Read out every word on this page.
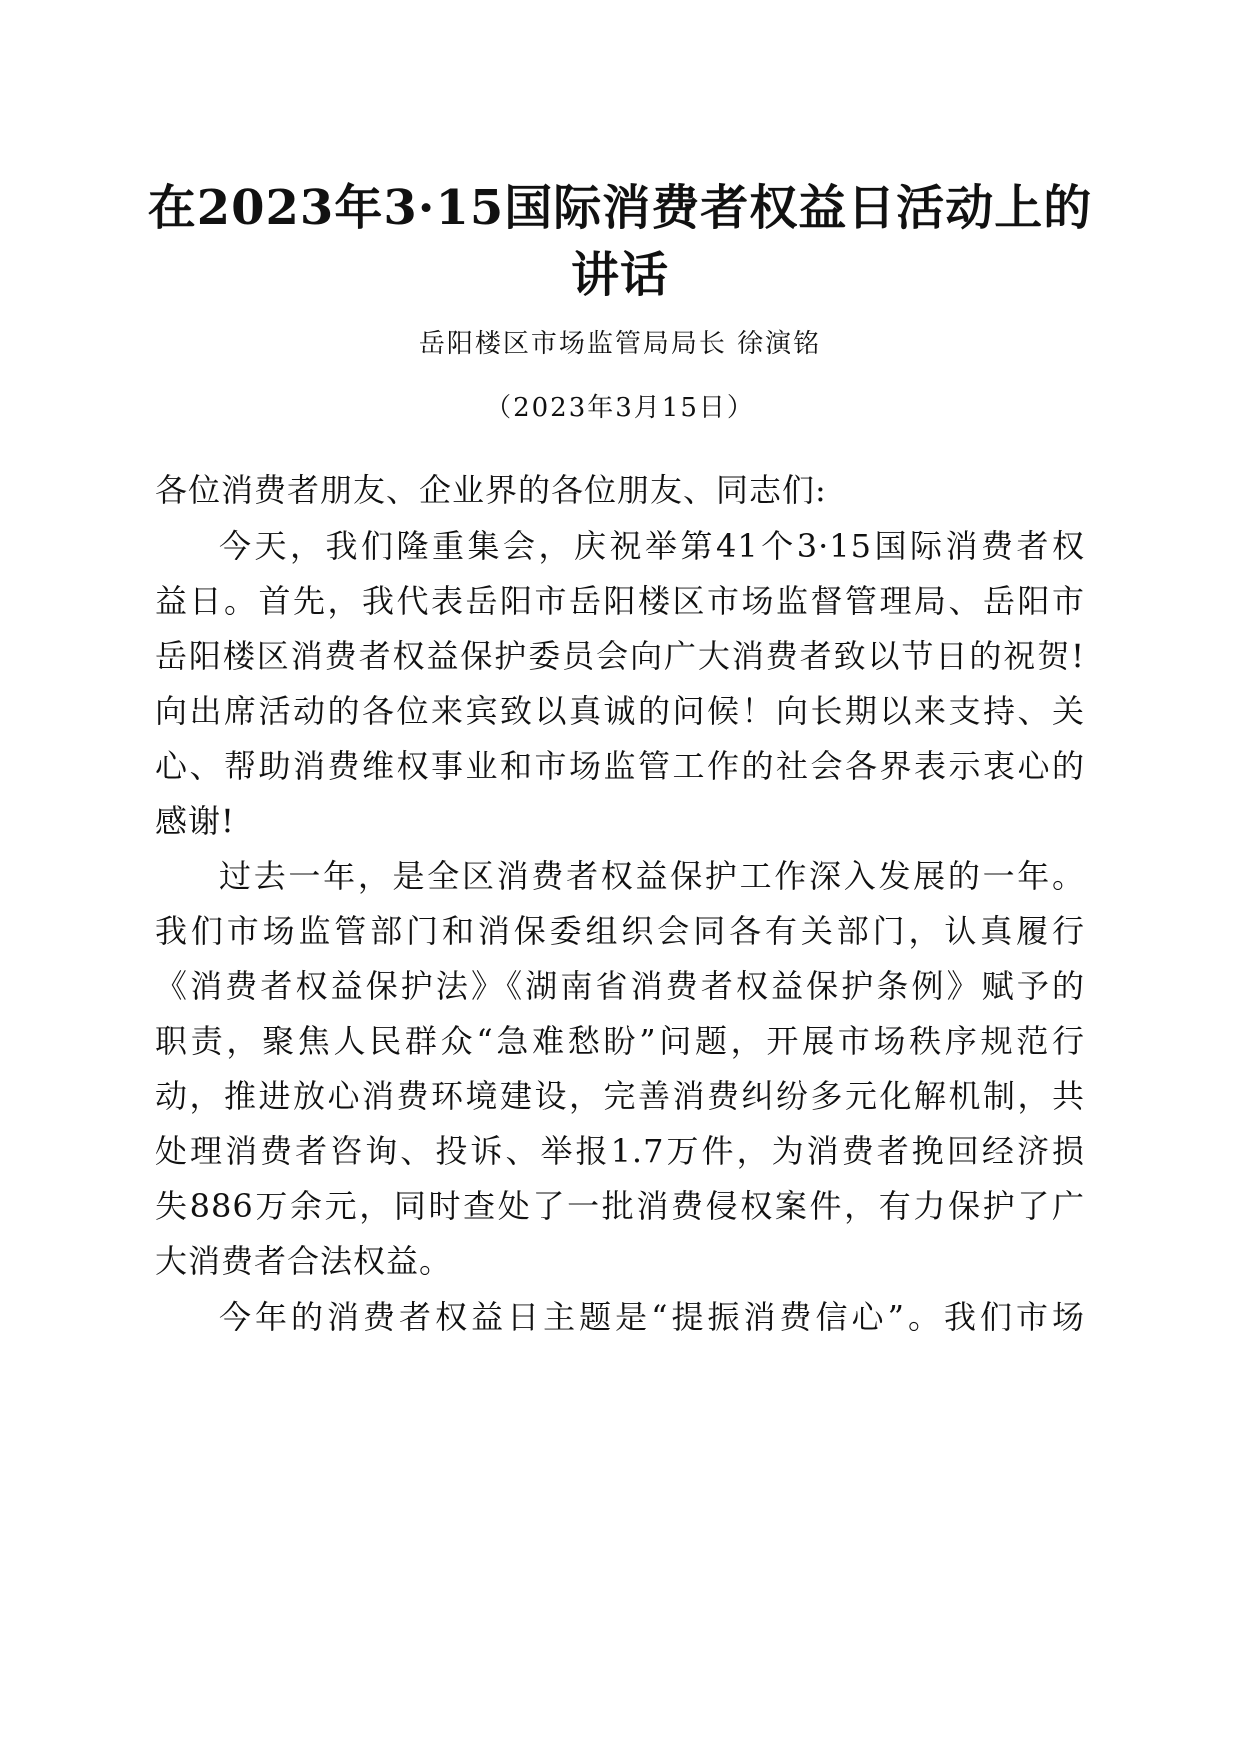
在2023年3·15国际消费者权益日活动上的
讲话
岳阳楼区市场监管局局长 徐演铭
（2023年3月15日）
各位消费者朋友、企业界的各位朋友、同志们:
今天，我们隆重集会，庆祝举第41个3·15国际消费者权
益日。首先，我代表岳阳市岳阳楼区市场监督管理局、岳阳市
岳阳楼区消费者权益保护委员会向广大消费者致以节日的祝贺!
向出席活动的各位来宾致以真诚的问候！向长期以来支持、关
心、帮助消费维权事业和市场监管工作的社会各界表示衷心的
感谢!
过去一年，是全区消费者权益保护工作深入发展的一年。
我们市场监管部门和消保委组织会同各有关部门，认真履行
《消费者权益保护法》《湖南省消费者权益保护条例》赋予的
职责，聚焦人民群众“急难愁盼”问题，开展市场秩序规范行
动，推进放心消费环境建设，完善消费纠纷多元化解机制，共
处理消费者咨询、投诉、举报1.7万件，为消费者挽回经济损
失886万余元，同时查处了一批消费侵权案件，有力保护了广
大消费者合法权益。
今年的消费者权益日主题是“提振消费信心”。我们市场
